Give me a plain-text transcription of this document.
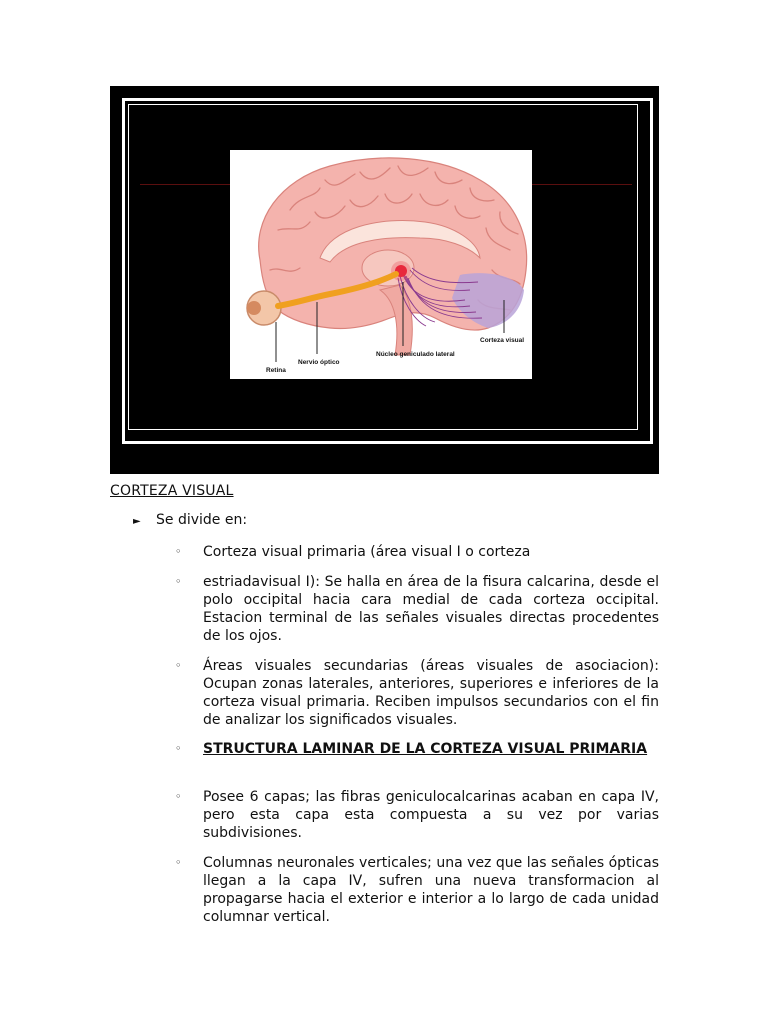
Retina
Nervio óptico
Núcleo geniculado lateral
Corteza visual
CORTEZA VISUAL
►	Se divide en:
◦	Corteza visual primaria (área visual I o corteza
◦	estriadavisual I): Se halla en área de la fisura calcarina, desde el polo occipital hacia cara medial de cada corteza occipital. Estacion terminal de las señales visuales directas procedentes de los ojos.
◦	Áreas visuales secundarias (áreas visuales de asociacion): Ocupan zonas laterales, anteriores, superiores e inferiores de la corteza visual primaria. Reciben impulsos secundarios con el fin de analizar los significados visuales.
◦	STRUCTURA LAMINAR DE LA CORTEZA VISUAL PRIMARIA
◦	Posee 6 capas; las fibras geniculocalcarinas acaban en capa IV, pero esta capa esta compuesta a su vez por varias subdivisiones.
◦	Columnas neuronales verticales; una vez que las señales ópticas llegan a la capa IV, sufren una nueva transformacion al propagarse hacia el exterior e interior a lo largo de cada unidad columnar vertical.
